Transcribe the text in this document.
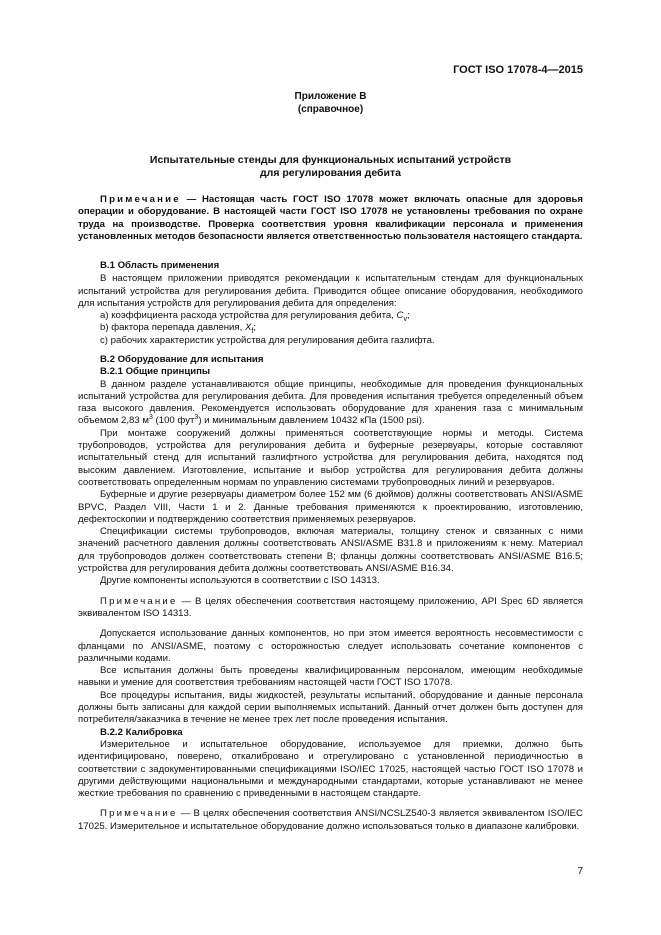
ГОСТ ISO 17078-4—2015
Приложение В
(справочное)
Испытательные стенды для функциональных испытаний устройств
для регулирования дебита

Примечание — Настоящая часть ГОСТ ISO 17078 может включать опасные для здоровья операции и оборудование. В настоящей части ГОСТ ISO 17078 не установлены требования по охране труда на производстве. Проверка соответствия уровня квалификации персонала и применения установленных методов безопасности является ответственностью пользователя настоящего стандарта.

В.1 Область применения

В настоящем приложении приводятся рекомендации к испытательным стендам для функциональных испытаний устройства для регулирования дебита. Приводится общее описание оборудования, необходимого для испытания устройств для регулирования дебита для определения:

a) коэффициента расхода устройства для регулирования дебита, $C_v$;
b) фактора перепада давления, $X_f$;
c) рабочих характеристик устройства для регулирования дебита газлифта.
В.2 Оборудование для испытания
В.2.1 Общие принципы

В данном разделе устанавливаются общие принципы, необходимые для проведения функциональных испытаний устройства для регулирования дебита. Для проведения испытания требуется определенный объем газа высокого давления. Рекомендуется использовать оборудование для хранения газа с минимальным объемом 2,83 $м^3$ (100 фут$^3$) и минимальным давлением 10432 кПа (1500 psi).

При монтаже сооружений должны применяться соответствующие нормы и методы. Система трубопроводов, устройства для регулирования дебита и буферные резервуары, которые составляют испытательный стенд для испытаний газлифтного устройства для регулирования дебита, находятся под высоким давлением. Изготовление, испытание и выбор устройства для регулирования дебита должны соответствовать определенным нормам по управлению системами трубопроводных линий и резервуаров.

Буферные и другие резервуары диаметром более 152 мм (6 дюймов) должны соответствовать ANSI/ASME BPVC, Раздел VIII, Части 1 и 2. Данные требования применяются к проектированию, изготовлению, дефектоскопии и подтверждению соответствия применяемых резервуаров.

Спецификации системы трубопроводов, включая материалы, толщину стенок и связанных с ними значений расчетного давления должны соответствовать ANSI/ASME B31.8 и приложениям к нему. Материал для трубопроводов должен соответствовать степени B; фланцы должны соответствовать ANSI/ASME B16.5; устройства для регулирования дебита должны соответствовать ANSI/ASME B16.34.

Другие компоненты используются в соответствии с ISO 14313.

Примечание — В целях обеспечения соответствия настоящему приложению, API Spec 6D является эквивалентом ISO 14313.

Допускается использование данных компонентов, но при этом имеется вероятность несовместимости с фланцами по ANSI/ASME, поэтому с осторожностью следует использовать сочетание компонентов с различными кодами.

Все испытания должны быть проведены квалифицированным персоналом, имеющим необходимые навыки и умение для соответствия требованиям настоящей части ГОСТ ISO 17078.

Все процедуры испытания, виды жидкостей, результаты испытаний, оборудование и данные персонала должны быть записаны для каждой серии выполняемых испытаний. Данный отчет должен быть доступен для потребителя/заказчика в течение не менее трех лет после проведения испытания.

В.2.2 Калибровка

Измерительное и испытательное оборудование, используемое для приемки, должно быть идентифицировано, поверено, откалибровано и отрегулировано с установленной периодичностью в соответствии с задокументированными спецификациями ISO/IEC 17025, настоящей частью ГОСТ ISO 17078 и другими действующими национальными и международными стандартами, которые устанавливают не менее жесткие требования по сравнению с приведенными в настоящем стандарте.

Примечание — В целях обеспечения соответствия ANSI/NCSLZ540-3 является эквивалентом ISO/IEC 17025. Измерительное и испытательное оборудование должно использоваться только в диапазоне калибровки.

7
